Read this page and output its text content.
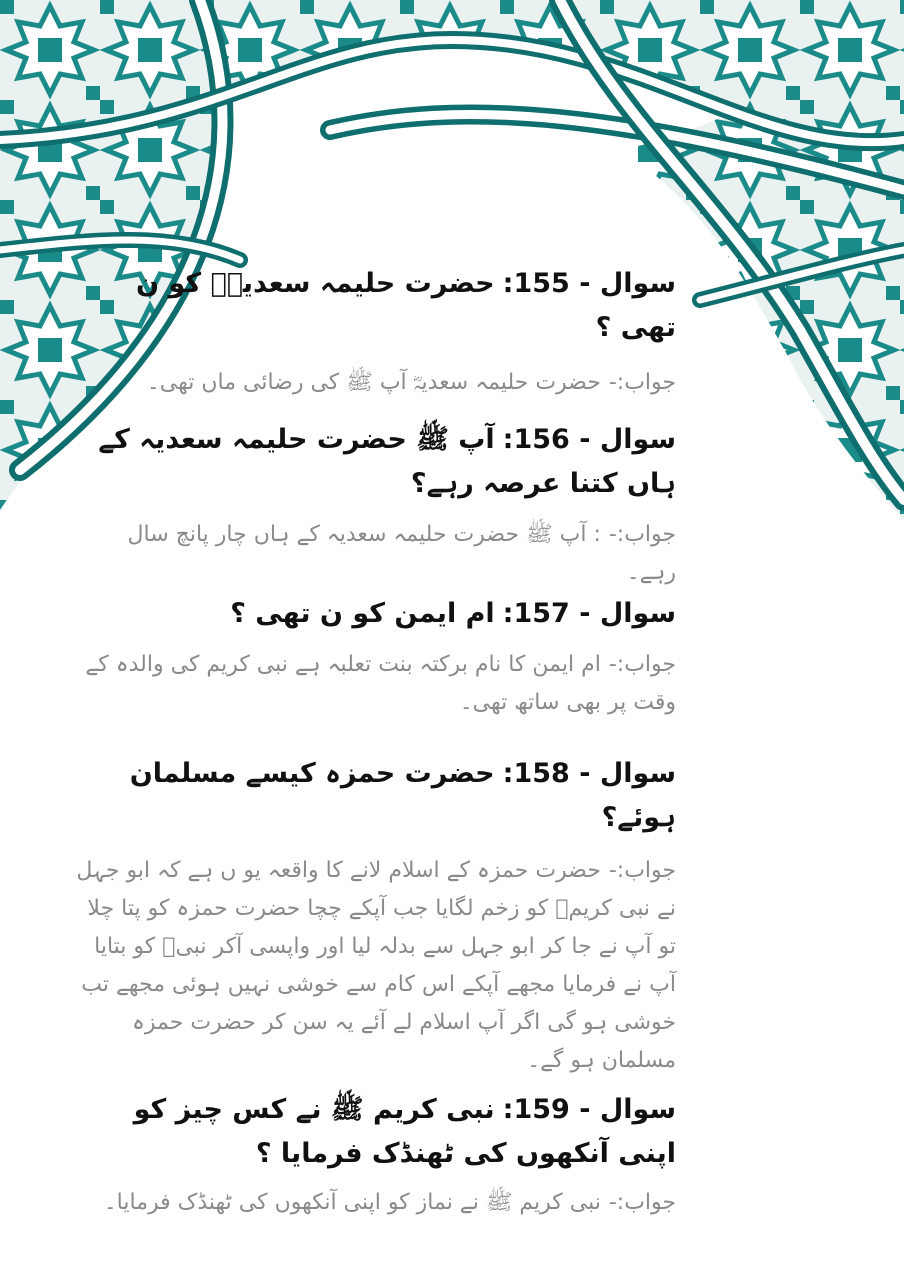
سوال - 155:حضرت حلیمہ سعدیہؓ کو ن تھی ؟
جواب:-حضرت حلیمہ سعدیہؓ آپ ﷺ کی رضائی ماں تھی۔
سوال - 156:آپ ﷺ حضرت حلیمہ سعدیہ کے ہاں کتنا عرصہ رہے؟
جواب:-: آپ ﷺ حضرت حلیمہ سعدیہ کے ہاں چار پانچ سال رہے۔
سوال - 157:ام ایمن کو ن تھی ؟
جواب:-ام ایمن کا نام برکتہ بنت تعلبہ ہے نبی کریم کی والدہ کے وقت پر بھی ساتھ تھی۔
سوال - 158:حضرت حمزہ کیسے مسلمان ہوئے؟
جواب:-حضرت حمزہ کے اسلام لانے کا واقعہ یو ں ہے کہ ابو جہل نے نبی کریمؐ کو زخم لگایا جب آپکے چچا حضرت حمزہ کو پتا چلا تو آپ نے جا کر ابو جہل سے بدلہ لیا اور واپسی آکر نبیؐ کو بتایا آپ نے فرمایا مجھے آپکے اس کام سے خوشی نہیں ہوئی مجھے تب خوشی ہو گی اگر آپ اسلام لے آئے یہ سن کر حضرت حمزہ مسلمان ہو گے۔
سوال - 159:نبی کریم ﷺ نے کس چیز کو اپنی آنکھوں کی ٹھنڈک فرمایا ؟
جواب:-نبی کریم ﷺ نے نماز کو اپنی آنکھوں کی ٹھنڈک فرمایا۔
